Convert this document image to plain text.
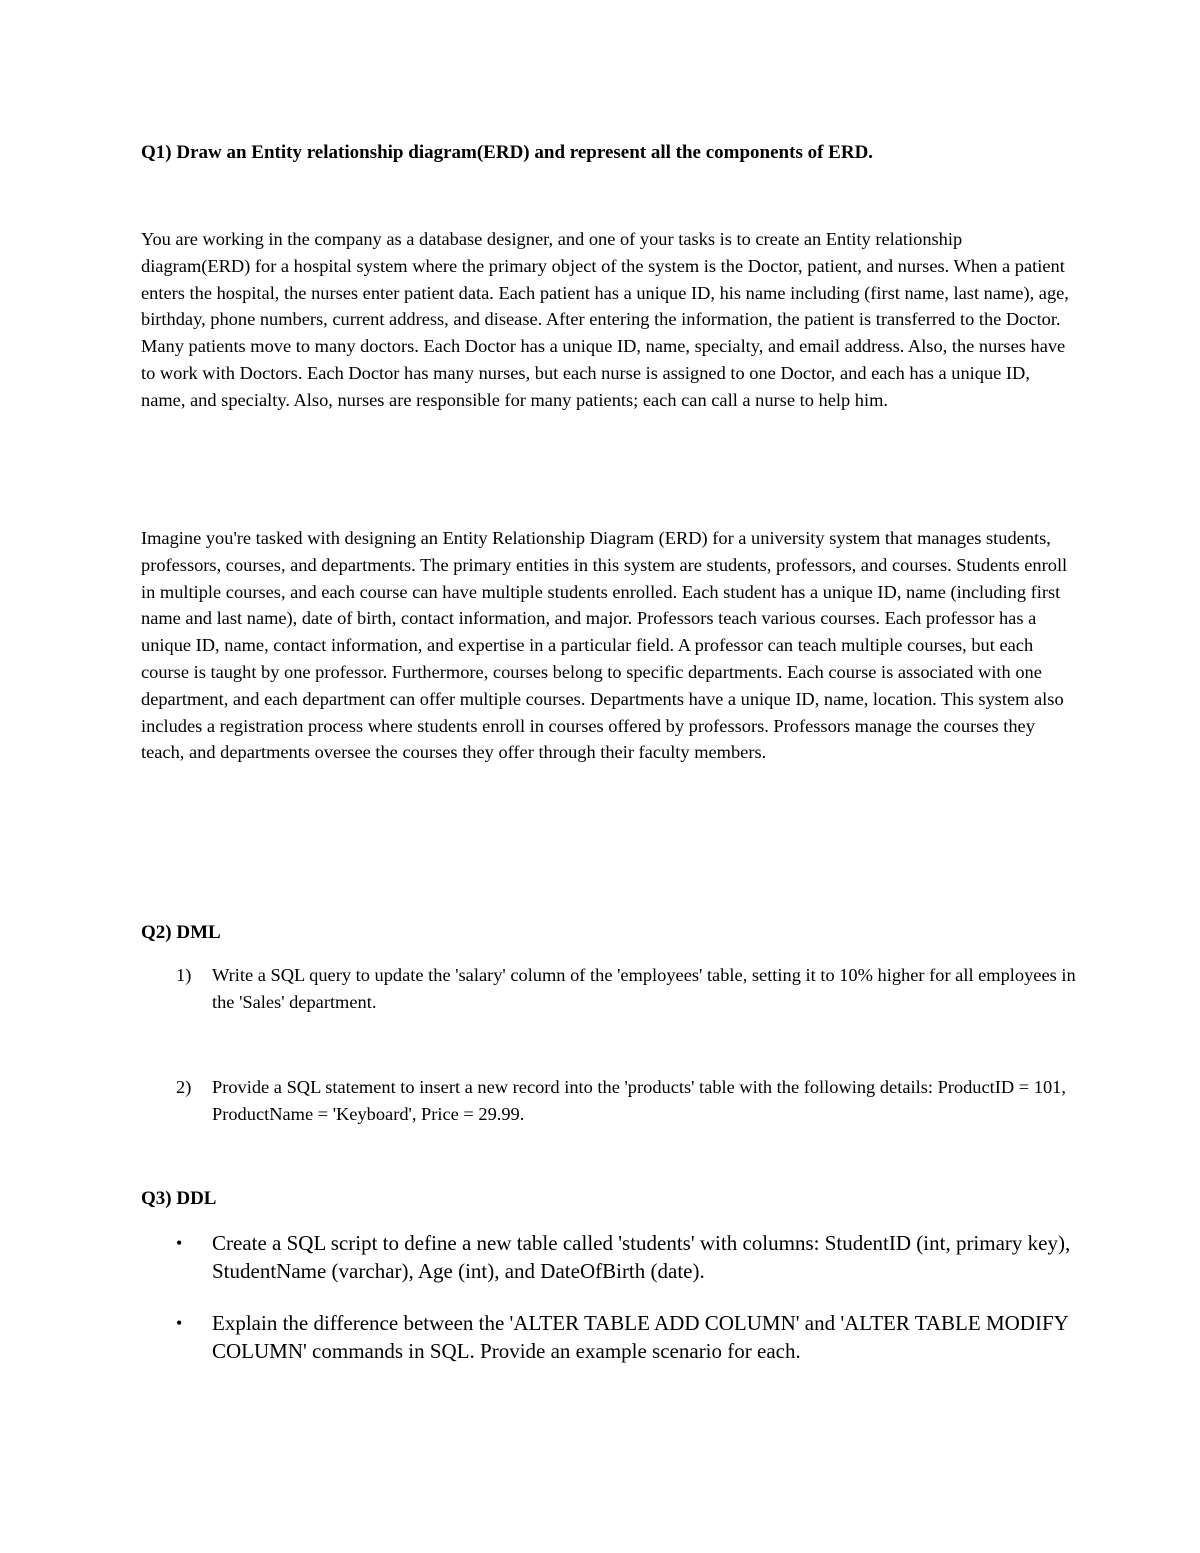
Q1) Draw an Entity relationship diagram(ERD) and represent all the components of ERD.

You are working in the company as a database designer, and one of your tasks is to create an Entity relationship diagram(ERD) for a hospital system where the primary object of the system is the Doctor, patient, and nurses. When a patient enters the hospital, the nurses enter patient data. Each patient has a unique ID, his name including (first name, last name), age, birthday, phone numbers, current address, and disease. After entering the information, the patient is transferred to the Doctor. Many patients move to many doctors. Each Doctor has a unique ID, name, specialty, and email address. Also, the nurses have to work with Doctors. Each Doctor has many nurses, but each nurse is assigned to one Doctor, and each has a unique ID, name, and specialty. Also, nurses are responsible for many patients; each can call a nurse to help him.

Imagine you're tasked with designing an Entity Relationship Diagram (ERD) for a university system that manages students, professors, courses, and departments. The primary entities in this system are students, professors, and courses. Students enroll in multiple courses, and each course can have multiple students enrolled. Each student has a unique ID, name (including first name and last name), date of birth, contact information, and major. Professors teach various courses. Each professor has a unique ID, name, contact information, and expertise in a particular field. A professor can teach multiple courses, but each course is taught by one professor. Furthermore, courses belong to specific departments. Each course is associated with one department, and each department can offer multiple courses. Departments have a unique ID, name, location. This system also includes a registration process where students enroll in courses offered by professors. Professors manage the courses they teach, and departments oversee the courses they offer through their faculty members.

Q2) DML
1) Write a SQL query to update the 'salary' column of the 'employees' table, setting it to 10% higher for all employees in the 'Sales' department.
2) Provide a SQL statement to insert a new record into the 'products' table with the following details: ProductID = 101, ProductName = 'Keyboard', Price = 29.99.
Q3) DDL
• Create a SQL script to define a new table called 'students' with columns: StudentID (int, primary key), StudentName (varchar), Age (int), and DateOfBirth (date).
• Explain the difference between the 'ALTER TABLE ADD COLUMN' and 'ALTER TABLE MODIFY COLUMN' commands in SQL. Provide an example scenario for each.
